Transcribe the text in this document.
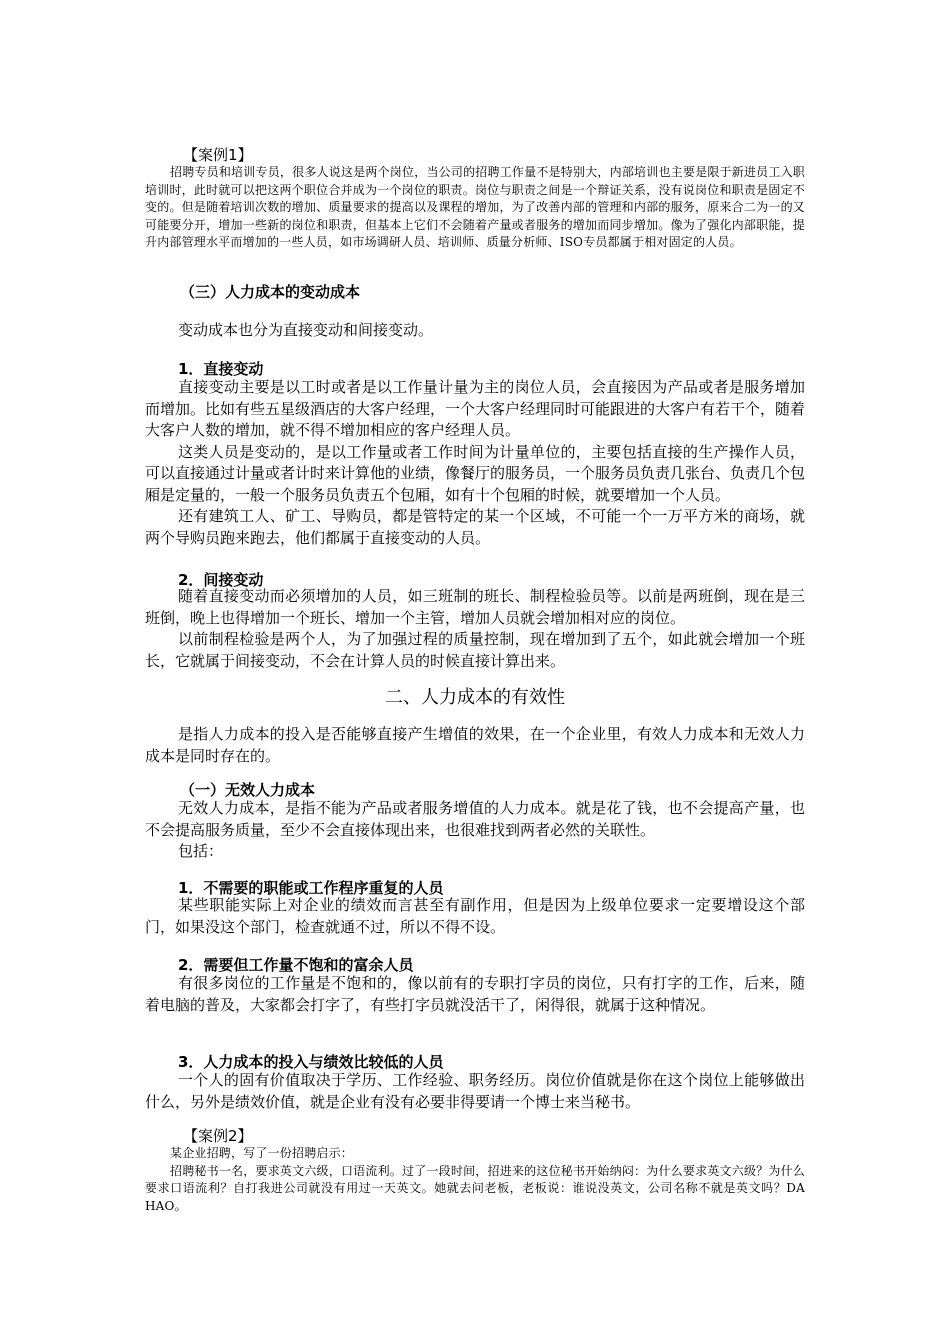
【案例1】

招聘专员和培训专员，很多人说这是两个岗位，当公司的招聘工作量不是特别大，内部培训也主要是限于新进员工入职培训时，此时就可以把这两个职位合并成为一个岗位的职责。岗位与职责之间是一个辩证关系，没有说岗位和职责是固定不变的。但是随着培训次数的增加、质量要求的提高以及课程的增加，为了改善内部的管理和内部的服务，原来合二为一的又可能要分开，增加一些新的岗位和职责，但基本上它们不会随着产量或者服务的增加而同步增加。像为了强化内部职能，提升内部管理水平而增加的一些人员，如市场调研人员、培训师、质量分析师、ISO专员都属于相对固定的人员。

（三）人力成本的变动成本

变动成本也分为直接变动和间接变动。

1．直接变动

直接变动主要是以工时或者是以工作量计量为主的岗位人员，会直接因为产品或者是服务增加而增加。比如有些五星级酒店的大客户经理，一个大客户经理同时可能跟进的大客户有若干个，随着大客户人数的增加，就不得不增加相应的客户经理人员。

这类人员是变动的，是以工作量或者工作时间为计量单位的，主要包括直接的生产操作人员，可以直接通过计量或者计时来计算他的业绩，像餐厅的服务员，一个服务员负责几张台、负责几个包厢是定量的，一般一个服务员负责五个包厢，如有十个包厢的时候，就要增加一个人员。

还有建筑工人、矿工、导购员，都是管特定的某一个区域，不可能一个一万平方米的商场，就两个导购员跑来跑去，他们都属于直接变动的人员。

2．间接变动

随着直接变动而必须增加的人员，如三班制的班长、制程检验员等。以前是两班倒，现在是三班倒，晚上也得增加一个班长、增加一个主管，增加人员就会增加相对应的岗位。

以前制程检验是两个人，为了加强过程的质量控制，现在增加到了五个，如此就会增加一个班长，它就属于间接变动，不会在计算人员的时候直接计算出来。

二、人力成本的有效性

是指人力成本的投入是否能够直接产生增值的效果，在一个企业里，有效人力成本和无效人力成本是同时存在的。

（一）无效人力成本

无效人力成本，是指不能为产品或者服务增值的人力成本。就是花了钱，也不会提高产量，也不会提高服务质量，至少不会直接体现出来，也很难找到两者必然的关联性。

包括：

1．不需要的职能或工作程序重复的人员

某些职能实际上对企业的绩效而言甚至有副作用，但是因为上级单位要求一定要增设这个部门，如果没这个部门，检查就通不过，所以不得不设。

2．需要但工作量不饱和的富余人员

有很多岗位的工作量是不饱和的，像以前有的专职打字员的岗位，只有打字的工作，后来，随着电脑的普及，大家都会打字了，有些打字员就没活干了，闲得很，就属于这种情况。

3．人力成本的投入与绩效比较低的人员

一个人的固有价值取决于学历、工作经验、职务经历。岗位价值就是你在这个岗位上能够做出什么，另外是绩效价值，就是企业有没有必要非得要请一个博士来当秘书。

【案例2】

某企业招聘，写了一份招聘启示：

招聘秘书一名，要求英文六级，口语流利。过了一段时间，招进来的这位秘书开始纳闷：为什么要求英文六级？为什么要求口语流利？自打我进公司就没有用过一天英文。她就去问老板，老板说：谁说没英文，公司名称不就是英文吗？DA HAO。
